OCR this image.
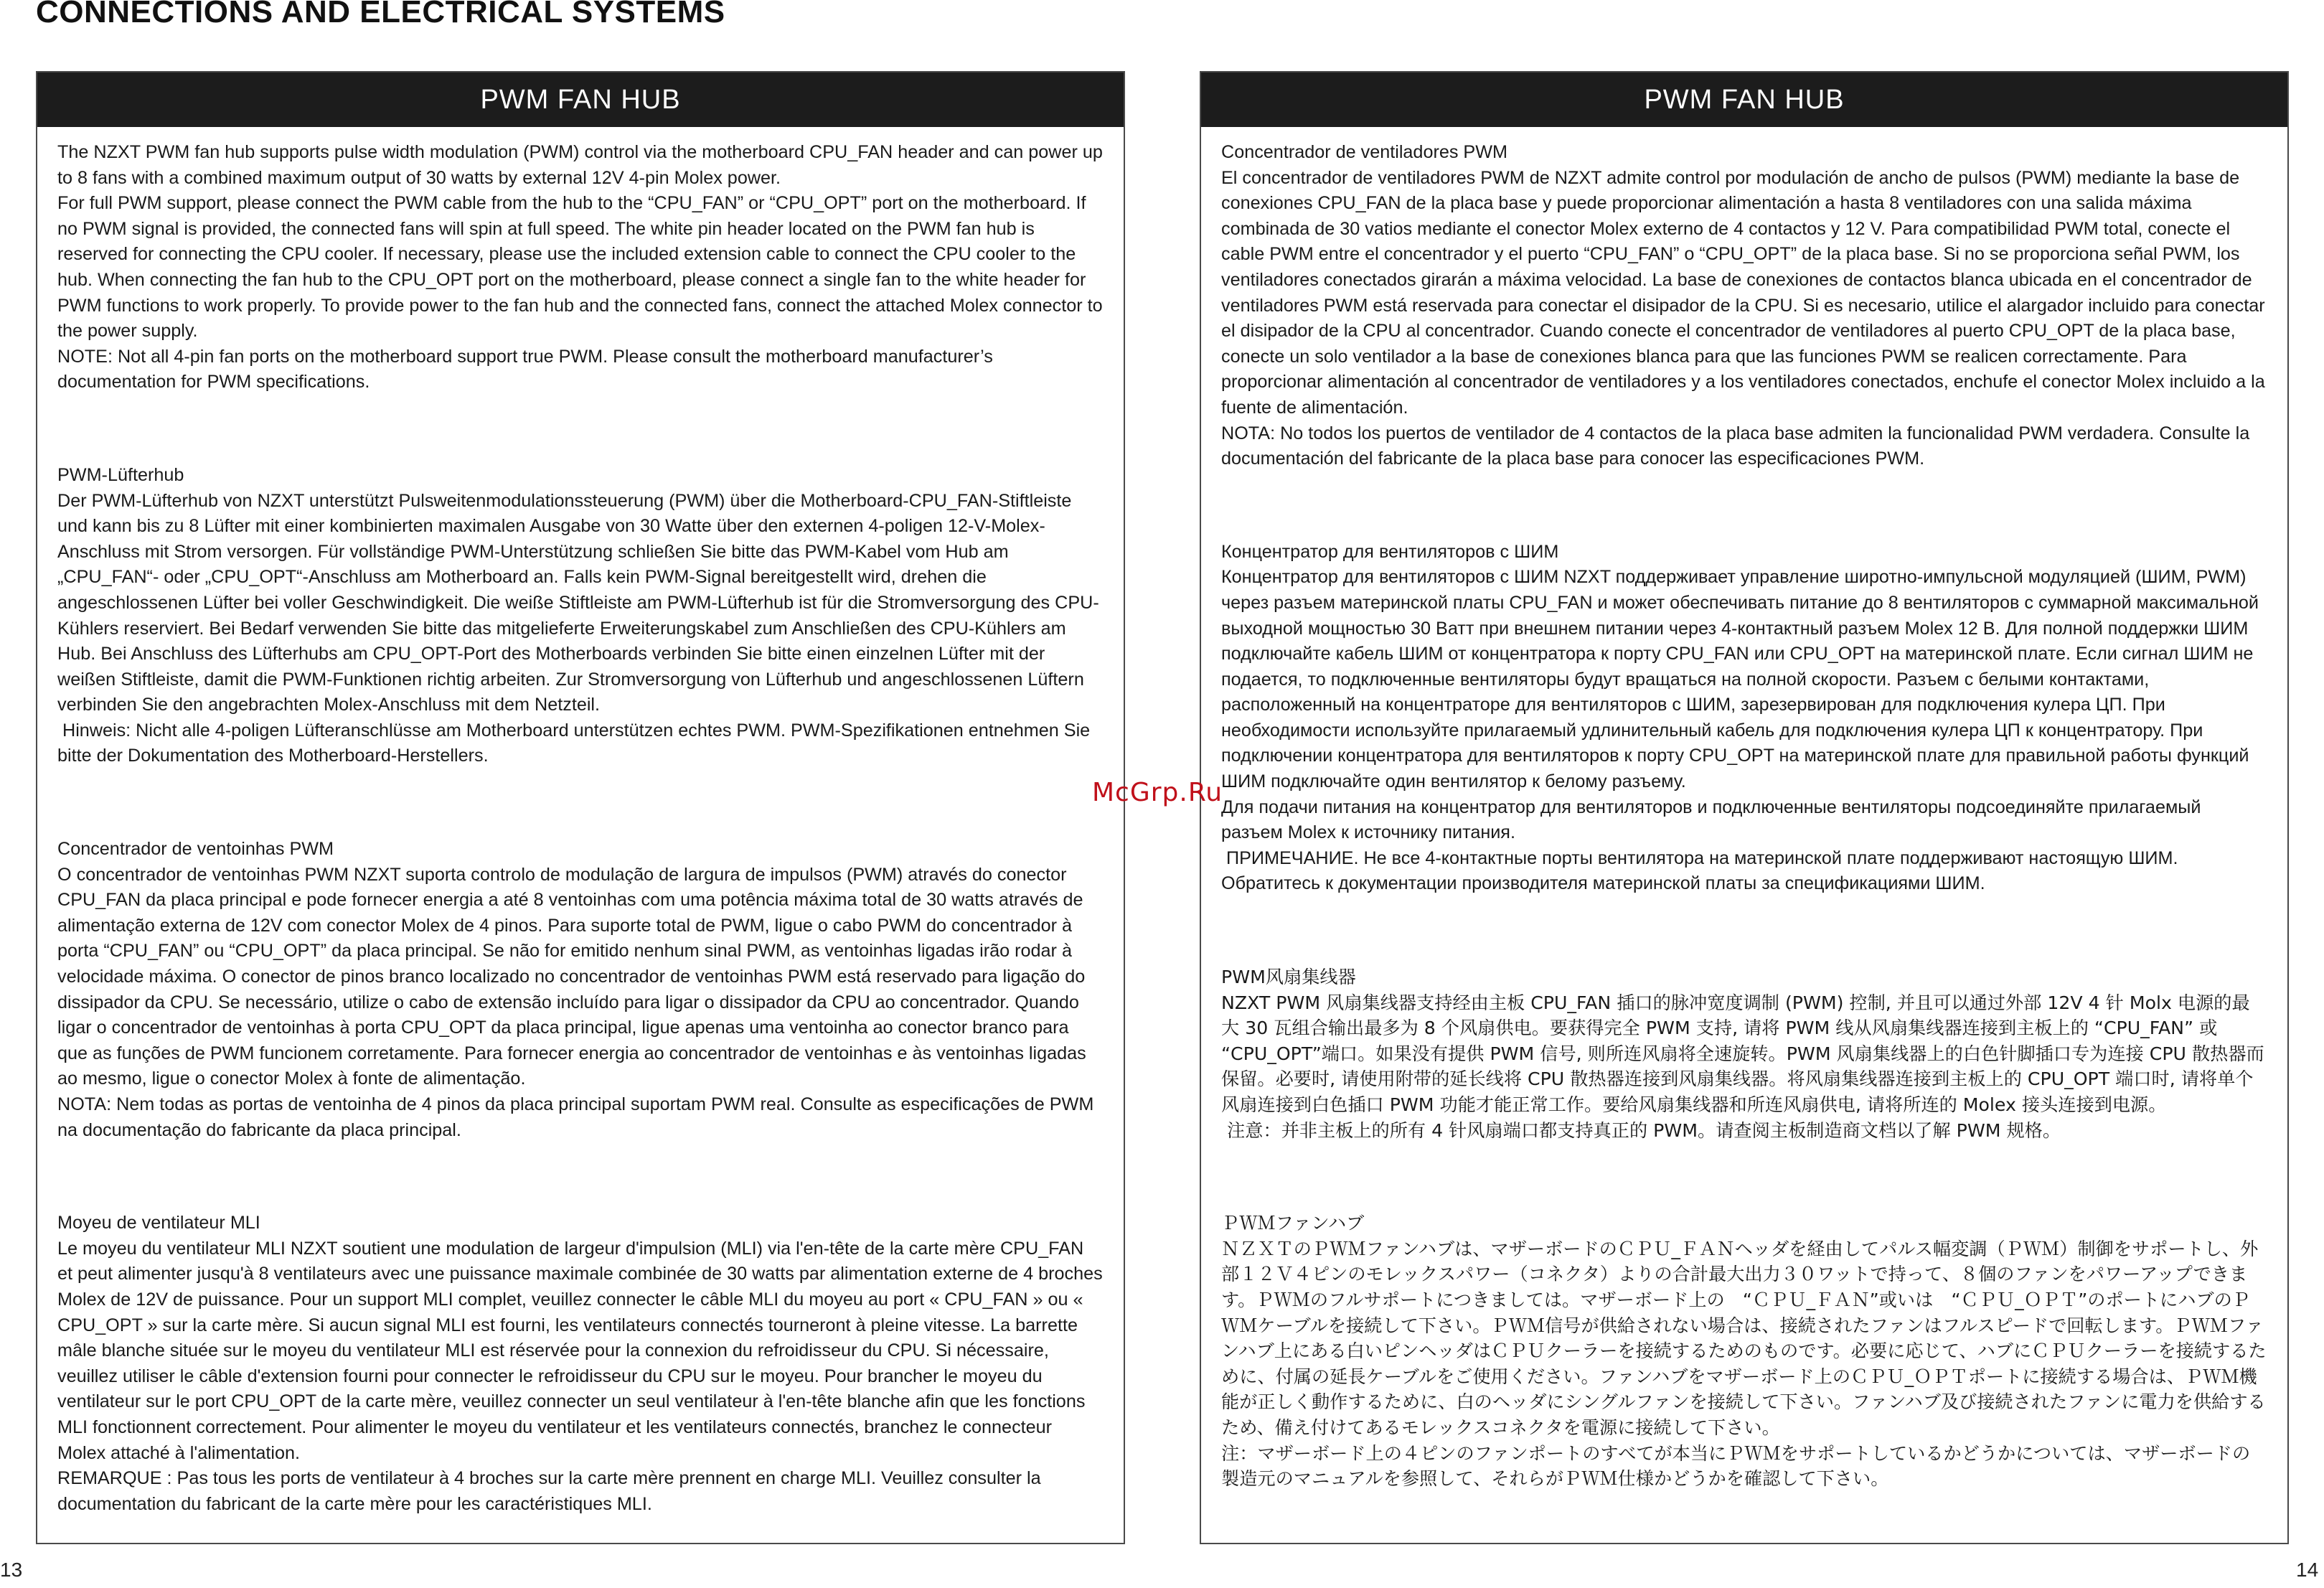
CONNECTIONS AND ELECTRICAL SYSTEMS
PWM FAN HUB

The NZXT PWM fan hub supports pulse width modulation (PWM) control via the motherboard CPU_FAN header and can power up to 8 fans with a combined maximum output of 30 watts by external 12V 4-pin Molex power.
For full PWM support, please connect the PWM cable from the hub to the “CPU_FAN” or “CPU_OPT” port on the motherboard. If no PWM signal is provided, the connected fans will spin at full speed. The white pin header located on the PWM fan hub is reserved for connecting the CPU cooler. If necessary, please use the included extension cable to connect the CPU cooler to the hub. When connecting the fan hub to the CPU_OPT port on the motherboard, please connect a single fan to the white header for PWM functions to work properly. To provide power to the fan hub and the connected fans, connect the attached Molex connector to the power supply.
NOTE: Not all 4-pin fan ports on the motherboard support true PWM. Please consult the motherboard manufacturer’s documentation for PWM specifications.

PWM-Lüfterhub

Der PWM-Lüfterhub von NZXT unterstützt Pulsweitenmodulationssteuerung (PWM) über die Motherboard-CPU_FAN-Stiftleiste und kann bis zu 8 Lüfter mit einer kombinierten maximalen Ausgabe von 30 Watte über den externen 4-poligen 12-V-Molex-Anschluss mit Strom versorgen. Für vollständige PWM-Unterstützung schließen Sie bitte das PWM-Kabel vom Hub am „CPU_FAN“- oder „CPU_OPT“-Anschluss am Motherboard an. Falls kein PWM-Signal bereitgestellt wird, drehen die angeschlossenen Lüfter bei voller Geschwindigkeit. Die weiße Stiftleiste am PWM-Lüfterhub ist für die Stromversorgung des CPU-Kühlers reserviert. Bei Bedarf verwenden Sie bitte das mitgelieferte Erweiterungskabel zum Anschließen des CPU-Kühlers am Hub. Bei Anschluss des Lüfterhubs am CPU_OPT-Port des Motherboards verbinden Sie bitte einen einzelnen Lüfter mit der weißen Stiftleiste, damit die PWM-Funktionen richtig arbeiten. Zur Stromversorgung von Lüfterhub und angeschlossenen Lüftern verbinden Sie den angebrachten Molex-Anschluss mit dem Netzteil.
Hinweis: Nicht alle 4-poligen Lüfteranschlüsse am Motherboard unterstützen echtes PWM. PWM-Spezifikationen entnehmen Sie bitte der Dokumentation des Motherboard-Herstellers.

Concentrador de ventoinhas PWM

O concentrador de ventoinhas PWM NZXT suporta controlo de modulação de largura de impulsos (PWM) através do conector CPU_FAN da placa principal e pode fornecer energia a até 8 ventoinhas com uma potência máxima total de 30 watts através de alimentação externa de 12V com conector Molex de 4 pinos. Para suporte total de PWM, ligue o cabo PWM do concentrador à porta “CPU_FAN” ou “CPU_OPT” da placa principal. Se não for emitido nenhum sinal PWM, as ventoinhas ligadas irão rodar à velocidade máxima. O conector de pinos branco localizado no concentrador de ventoinhas PWM está reservado para ligação do dissipador da CPU. Se necessário, utilize o cabo de extensão incluído para ligar o dissipador da CPU ao concentrador. Quando ligar o concentrador de ventoinhas à porta CPU_OPT da placa principal, ligue apenas uma ventoinha ao conector branco para que as funções de PWM funcionem corretamente. Para fornecer energia ao concentrador de ventoinhas e às ventoinhas ligadas ao mesmo, ligue o conector Molex à fonte de alimentação.
NOTA: Nem todas as portas de ventoinha de 4 pinos da placa principal suportam PWM real. Consulte as especificações de PWM na documentação do fabricante da placa principal.

Moyeu de ventilateur MLI

Le moyeu du ventilateur MLI NZXT soutient une modulation de largeur d'impulsion (MLI) via l'en-tête de la carte mère CPU_FAN et peut alimenter jusqu'à 8 ventilateurs avec une puissance maximale combinée de 30 watts par alimentation externe de 4 broches Molex de 12V de puissance. Pour un support MLI complet, veuillez connecter le câble MLI du moyeu au port « CPU_FAN » ou « CPU_OPT » sur la carte mère. Si aucun signal MLI est fourni, les ventilateurs connectés tourneront à pleine vitesse. La barrette mâle blanche située sur le moyeu du ventilateur MLI est réservée pour la connexion du refroidisseur du CPU. Si nécessaire, veuillez utiliser le câble d'extension fourni pour connecter le refroidisseur du CPU sur le moyeu. Pour brancher le moyeu du ventilateur sur le port CPU_OPT de la carte mère, veuillez connecter un seul ventilateur à l'en-tête blanche afin que les fonctions MLI fonctionnent correctement. Pour alimenter le moyeu du ventilateur et les ventilateurs connectés, branchez le connecteur Molex attaché à l'alimentation.
REMARQUE : Pas tous les ports de ventilateur à 4 broches sur la carte mère prennent en charge MLI. Veuillez consulter la documentation du fabricant de la carte mère pour les caractéristiques MLI.

PWM FAN HUB

Concentrador de ventiladores PWM

El concentrador de ventiladores PWM de NZXT admite control por modulación de ancho de pulsos (PWM) mediante la base de conexiones CPU_FAN de la placa base y puede proporcionar alimentación a hasta 8 ventiladores con una salida máxima combinada de 30 vatios mediante el conector Molex externo de 4 contactos y 12 V. Para compatibilidad PWM total, conecte el cable PWM entre el concentrador y el puerto “CPU_FAN” o “CPU_OPT” de la placa base. Si no se proporciona señal PWM, los ventiladores conectados girarán a máxima velocidad. La base de conexiones de contactos blanca ubicada en el concentrador de ventiladores PWM está reservada para conectar el disipador de la CPU. Si es necesario, utilice el alargador incluido para conectar el disipador de la CPU al concentrador. Cuando conecte el concentrador de ventiladores al puerto CPU_OPT de la placa base, conecte un solo ventilador a la base de conexiones blanca para que las funciones PWM se realicen correctamente. Para proporcionar alimentación al concentrador de ventiladores y a los ventiladores conectados, enchufe el conector Molex incluido a la fuente de alimentación.
NOTA: No todos los puertos de ventilador de 4 contactos de la placa base admiten la funcionalidad PWM verdadera. Consulte la documentación del fabricante de la placa base para conocer las especificaciones PWM.

Концентратор для вентиляторов с ШИМ

Концентратор для вентиляторов с ШИМ NZXT поддерживает управление широтно-импульсной модуляцией (ШИМ, PWM) через разъем материнской платы CPU_FAN и может обеспечивать питание до 8 вентиляторов с суммарной максимальной выходной мощностью 30 Ватт при внешнем питании через 4-контактный разъем Molex 12 В. Для полной поддержки ШИМ подключайте кабель ШИМ от концентратора к порту CPU_FAN или CPU_OPT на материнской плате. Если сигнал ШИМ не подается, то подключенные вентиляторы будут вращаться на полной скорости. Разъем с белыми контактами, расположенный на концентраторе для вентиляторов с ШИМ, зарезервирован для подключения кулера ЦП. При необходимости используйте прилагаемый удлинительный кабель для подключения кулера ЦП к концентратору. При подключении концентратора для вентиляторов к порту CPU_OPT на материнской плате для правильной работы функций ШИМ подключайте один вентилятор к белому разъему.
Для подачи питания на концентратор для вентиляторов и подключенные вентиляторы подсоединяйте прилагаемый разъем Molex к источнику питания.
ПРИМЕЧАНИЕ. Не все 4-контактные порты вентилятора на материнской плате поддерживают настоящую ШИМ. Обратитесь к документации производителя материнской платы за спецификациями ШИМ.

PWM风扇集线器

NZXT PWM 风扇集线器支持经由主板 CPU_FAN 插口的脉冲宽度调制 (PWM) 控制, 并且可以通过外部 12V 4 针 Molx 电源的最大 30 瓦组合输出最多为 8 个风扇供电。要获得完全 PWM 支持, 请将 PWM 线从风扇集线器连接到主板上的 “CPU_FAN” 或 “CPU_OPT”端口。如果没有提供 PWM 信号, 则所连风扇将全速旋转。PWM 风扇集线器上的白色针脚插口专为连接 CPU 散热器而保留。必要时, 请使用附带的延长线将 CPU 散热器连接到风扇集线器。将风扇集线器连接到主板上的 CPU_OPT 端口时, 请将单个风扇连接到白色插口 PWM 功能才能正常工作。要给风扇集线器和所连风扇供电, 请将所连的 Molex 接头连接到电源。
注意：并非主板上的所有 4 针风扇端口都支持真正的 PWM。请查阅主板制造商文档以了解 PWM 规格。

ＰＷＭファンハブ

ＮＺＸＴのＰＷＭファンハブは、マザーボードのＣＰＵ_ＦＡＮヘッダを経由してパルス幅変調（ＰＷＭ）制御をサポートし、外部１２Ｖ４ピンのモレックスパワー（コネクタ）よりの合計最大出力３０ワットで持って、８個のファンをパワーアップできます。ＰＷＭのフルサポートにつきましては。マザーボード上の　“ＣＰＵ_ＦＡＮ”或いは　“ＣＰＵ_ＯＰＴ”のポートにハブのＰＷＭケーブルを接続して下さい。ＰＷＭ信号が供給されない場合は、接続されたファンはフルスピードで回転します。ＰＷＭファンハブ上にある白いピンヘッダはＣＰＵクーラーを接続するためのものです。必要に応じて、ハブにＣＰＵクーラーを接続するために、付属の延長ケーブルをご使用ください。ファンハブをマザーボード上のＣＰＵ_ＯＰＴポートに接続する場合は、ＰＷＭ機能が正しく動作するために、白のヘッダにシングルファンを接続して下さい。ファンハブ及び接続されたファンに電力を供給するため、備え付けてあるモレックスコネクタを電源に接続して下さい。
注：マザーボード上の４ピンのファンポートのすべてが本当にＰＷＭをサポートしているかどうかについては、マザーボードの製造元のマニュアルを参照して、それらがＰＷＭ仕様かどうかを確認して下さい。

McGrp.Ru
13	14
